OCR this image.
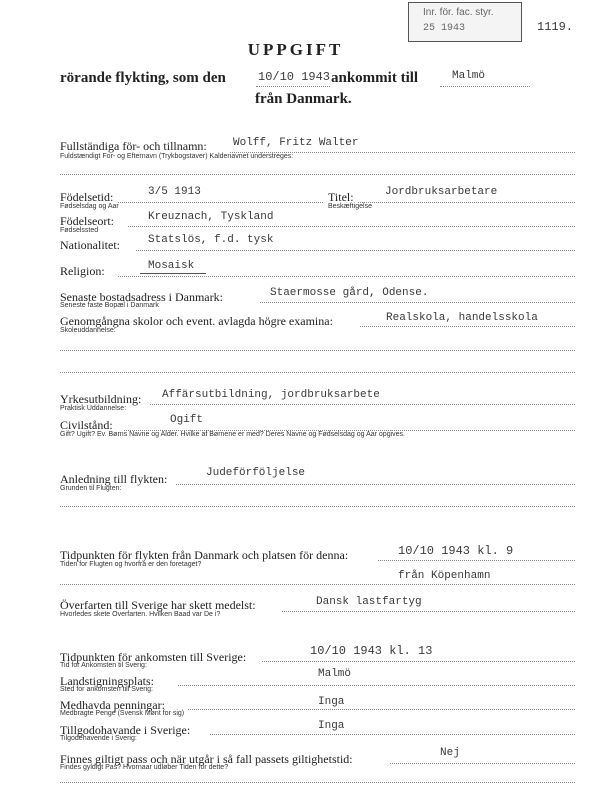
Inr. för. fac. styr.
25 1943	1119.
UPPGIFT
rörande flykting, som den	10/10 1943 ankommit till	Malmö
från Danmark.
Fullständiga för- och tillnamn: Wolff, Fritz Walter
Fuldstændigt For- og Efternavn (Trykbogstaver) Kaldenavnet understreges:
Födelsetid:	3/5 1913
Fødselsdag og Aar
Titel:	Jordbruksarbetare
Beskæftigelse
Födelseort:	Kreuznach, Tyskland
Fødselssted
Nationalitet:	Statslös, f.d. tysk
Religion:	Mosaisk
Senaste bostadsadress i Danmark:	Staermosse gård, Odense.
Seneste faste Bopæl i Danmark
Genomgångna skolor och event. avlagda högre examina:	Realskola, handelsskola
Skoleuddannelse:
Yrkesutbildning: Affärsutbildning, jordbruksarbete
Praktisk Uddannelse:
Civilstånd:	Ogift
Gift? Ugift? Ev. Børns Navne og Alder. Hvilke af Børnene er med? Deres Navne og Fødselsdag og Aar opgives.
Anledning till flykten:	Judeförföljelse
Grunden til Flugten:
Tidpunkten för flykten från Danmark och platsen för denna:	10/10 1943 kl. 9
Tiden for Flugten og hvorfra er den foretaget?
från Köpenhamn
Överfarten till Sverige har skett medelst:	Dansk lastfartyg
Hvorledes skete Overfarten. Hvilken Baad var De i?
Tidpunkten för ankomsten till Sverige:	10/10 1943 kl. 13
Tid for Ankomsten til Sverig:
Landstigningsplats:	Malmö
Sted for ankomsten till Sverig:
Medhavda penningar:	Inga
Medbragte Penge (Svensk Mønt for sig)
Tillgodohavande i Sverige:	Inga
Tilgodehavende i Sverig:
Finnes giltigt pass och när utgår i så fall passets giltighetstid:	Nej
Findes gyldigt Pas? Hvornaar udløber Tiden for dette?
